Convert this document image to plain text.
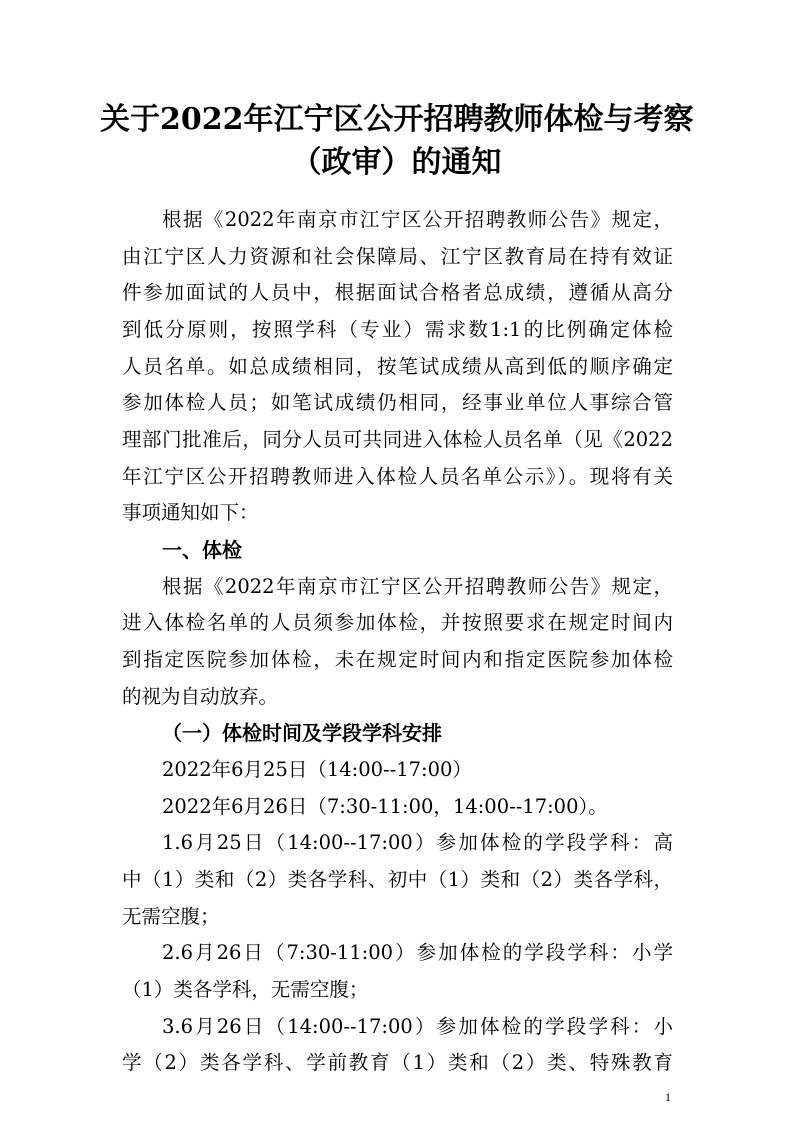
关于2022年江宁区公开招聘教师体检与考察
（政审）的通知
根据《2022年南京市江宁区公开招聘教师公告》规定，
由江宁区人力资源和社会保障局、江宁区教育局在持有效证
件参加面试的人员中，根据面试合格者总成绩，遵循从高分
到低分原则，按照学科（专业）需求数1:1的比例确定体检
人员名单。如总成绩相同，按笔试成绩从高到低的顺序确定
参加体检人员；如笔试成绩仍相同，经事业单位人事综合管
理部门批准后，同分人员可共同进入体检人员名单（见《2022
年江宁区公开招聘教师进入体检人员名单公示》）。现将有关
事项通知如下：
一、体检
根据《2022年南京市江宁区公开招聘教师公告》规定，
进入体检名单的人员须参加体检，并按照要求在规定时间内
到指定医院参加体检，未在规定时间内和指定医院参加体检
的视为自动放弃。
（一）体检时间及学段学科安排
2022年6月25日（14:00--17:00）
2022年6月26日（7:30-11:00，14:00--17:00）。
1.6月25日（14:00--17:00）参加体检的学段学科：高
中（1）类和（2）类各学科、初中（1）类和（2）类各学科，
无需空腹；
2.6月26日（7:30-11:00）参加体检的学段学科：小学
（1）类各学科，无需空腹；
3.6月26日（14:00--17:00）参加体检的学段学科：小
学（2）类各学科、学前教育（1）类和（2）类、特殊教育
1
